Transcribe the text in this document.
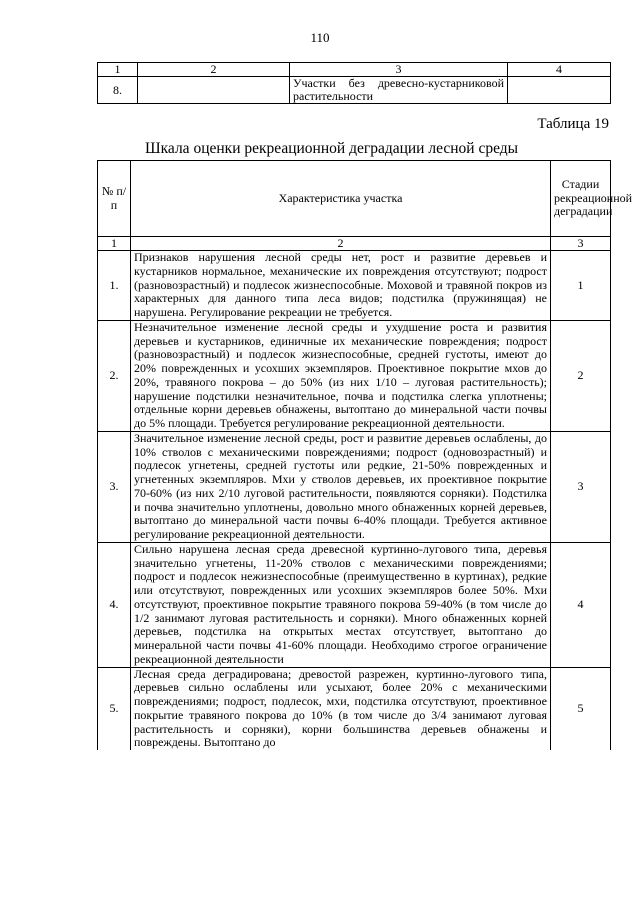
110
1	2	3	4
8.		Участки без древесно-кустарниковой растительности	
Таблица 19
Шкала оценки рекреационной деградации лесной среды
№ п/п	Характеристика участка	Стадии рекреационной деградации
1	2	3
1.	Признаков нарушения лесной среды нет, рост и развитие деревьев и кустарников нормальное, механические их повреждения отсутствуют; подрост (разновозрастный) и подлесок жизнеспособные. Моховой и травяной покров из характерных для данного типа леса видов; подстилка (пружинящая) не нарушена. Регулирование рекреации не требуется.	1
2.	Незначительное изменение лесной среды и ухудшение роста и развития деревьев и кустарников, единичные их механические повреждения; подрост (разновозрастный) и подлесок жизнеспособные, средней густоты, имеют до 20% поврежденных и усохших экземпляров. Проективное покрытие мхов до 20%, травяного покрова – до 50% (из них 1/10 – луговая растительность); нарушение подстилки незначительное, почва и подстилка слегка уплотнены; отдельные корни деревьев обнажены, вытоптано до минеральной части почвы до 5% площади. Требуется регулирование рекреационной деятельности.	2
3.	Значительное изменение лесной среды, рост и развитие деревьев ослаблены, до 10% стволов с механическими повреждениями; подрост (одновозрастный) и подлесок угнетены, средней густоты или редкие, 21-50% поврежденных и угнетенных экземпляров. Мхи у стволов деревьев, их проективное покрытие 70-60% (из них 2/10 луговой растительности, появляются сорняки). Подстилка и почва значительно уплотнены, довольно много обнаженных корней деревьев, вытоптано до минеральной части почвы 6-40% площади. Требуется активное регулирование рекреационной деятельности.	3
4.	Сильно нарушена лесная среда древесной куртинно-лугового типа, деревья значительно угнетены, 11-20% стволов с механическими повреждениями; подрост и подлесок нежизнеспособные (преимущественно в куртинах), редкие или отсутствуют, поврежденных или усохших экземпляров более 50%. Мхи отсутствуют, проективное покрытие травяного покрова 59-40% (в том числе до 1/2 занимают луговая растительность и сорняки). Много обнаженных корней деревьев, подстилка на открытых местах отсутствует, вытоптано до минеральной части почвы 41-60% площади. Необходимо строгое ограничение рекреационной деятельности	4
5.	Лесная среда деградирована; древостой разрежен, куртинно-лугового типа, деревьев сильно ослаблены или усыхают, более 20% с механическими повреждениями; подрост, подлесок, мхи, подстилка отсутствуют, проективное покрытие травяного покрова до 10% (в том числе до 3/4 занимают луговая растительность и сорняки), корни большинства деревьев обнажены и повреждены. Вытоптано до	5
